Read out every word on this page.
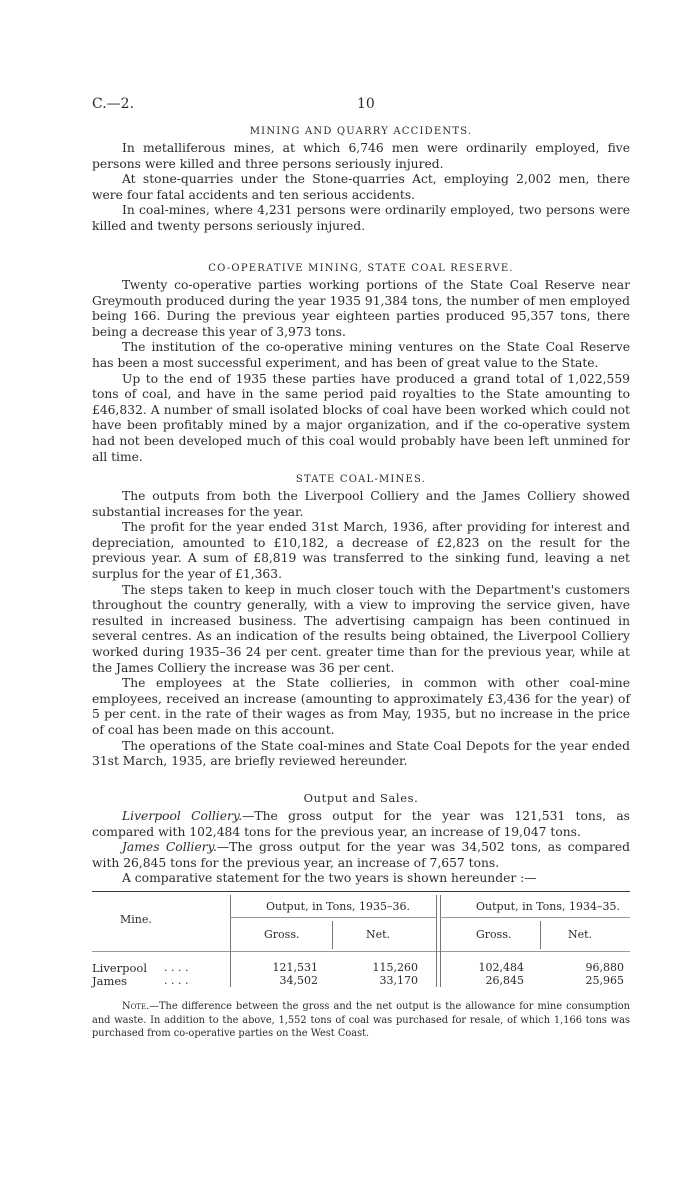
C.—2.	10
MINING AND QUARRY ACCIDENTS.

In metalliferous mines, at which 6,746 men were ordinarily employed, five persons were killed and three persons seriously injured.

At stone-quarries under the Stone-quarries Act, employing 2,002 men, there were four fatal accidents and ten serious accidents.

In coal-mines, where 4,231 persons were ordinarily employed, two persons were killed and twenty persons seriously injured.

CO-OPERATIVE MINING, STATE COAL RESERVE.

Twenty co-operative parties working portions of the State Coal Reserve near Greymouth produced during the year 1935 91,384 tons, the number of men employed being 166. During the previous year eighteen parties produced 95,357 tons, there being a decrease this year of 3,973 tons.

The institution of the co-operative mining ventures on the State Coal Reserve has been a most successful experiment, and has been of great value to the State.

Up to the end of 1935 these parties have produced a grand total of 1,022,559 tons of coal, and have in the same period paid royalties to the State amounting to £46,832. A number of small isolated blocks of coal have been worked which could not have been profitably mined by a major organization, and if the co-operative system had not been developed much of this coal would probably have been left unmined for all time.

STATE COAL-MINES.

The outputs from both the Liverpool Colliery and the James Colliery showed substantial increases for the year.

The profit for the year ended 31st March, 1936, after providing for interest and depreciation, amounted to £10,182, a decrease of £2,823 on the result for the previous year. A sum of £8,819 was transferred to the sinking fund, leaving a net surplus for the year of £1,363.

The steps taken to keep in much closer touch with the Department's customers throughout the country generally, with a view to improving the service given, have resulted in increased business. The advertising campaign has been continued in several centres. As an indication of the results being obtained, the Liverpool Colliery worked during 1935–36 24 per cent. greater time than for the previous year, while at the James Colliery the increase was 36 per cent.

The employees at the State collieries, in common with other coal-mine employees, received an increase (amounting to approximately £3,436 for the year) of 5 per cent. in the rate of their wages as from May, 1935, but no increase in the price of coal has been made on this account.

The operations of the State coal-mines and State Coal Depots for the year ended 31st March, 1935, are briefly reviewed hereunder.

Output and Sales.

Liverpool Colliery.—The gross output for the year was 121,531 tons, as compared with 102,484 tons for the previous year, an increase of 19,047 tons.

James Colliery.—The gross output for the year was 34,502 tons, as compared with 26,845 tons for the previous year, an increase of 7,657 tons.

A comparative statement for the two years is shown hereunder :—

Mine.
Output, in Tons, 1935–36.	Output, in Tons, 1934–35.
Gross.	Net.	Gross.	Net.
Liverpool . . . .	121,531	115,260	102,484	96,880
James	. . . .	34,502	33,170	26,845	25,965

Note.—The difference between the gross and the net output is the allowance for mine consumption and waste. In addition to the above, 1,552 tons of coal was purchased for resale, of which 1,166 tons was purchased from co-operative parties on the West Coast.
